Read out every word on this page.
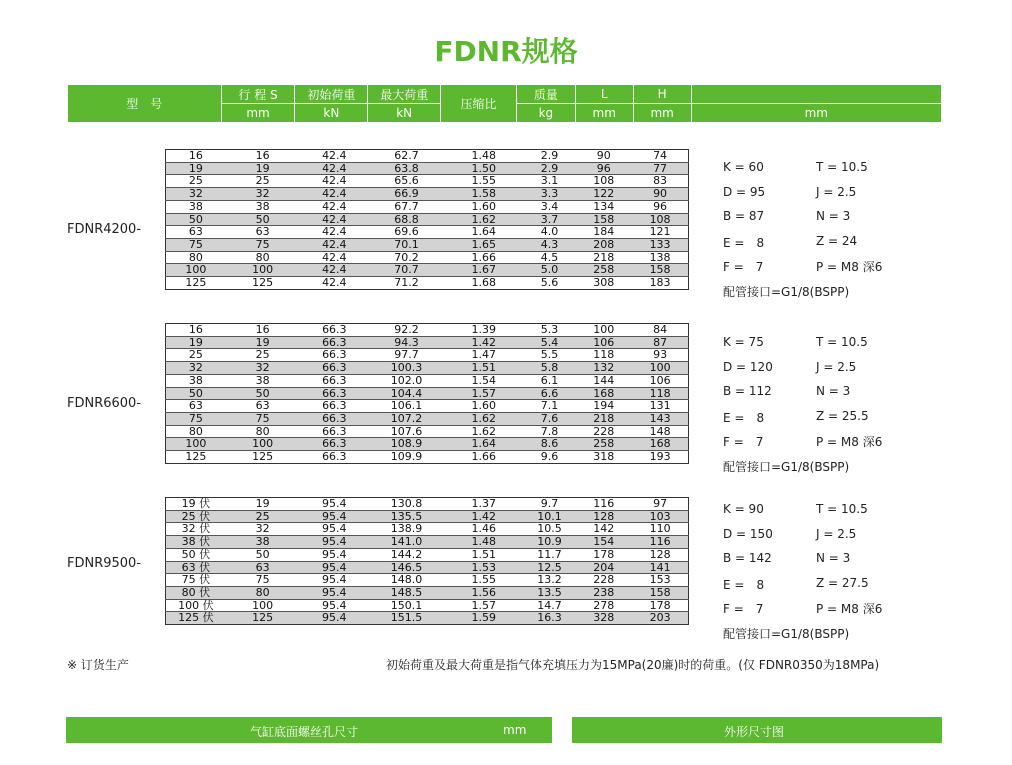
FDNR规格
型　号	行 程 S	初始荷重	最大荷重	压缩比	质量	L	H	
	mm	kN	kN		kg	mm	mm	mm
FDNR4200-
16	16	42.4	62.7	1.48	2.9	90	74
19	19	42.4	63.8	1.50	2.9	96	77
25	25	42.4	65.6	1.55	3.1	108	83
32	32	42.4	66.9	1.58	3.3	122	90
38	38	42.4	67.7	1.60	3.4	134	96
50	50	42.4	68.8	1.62	3.7	158	108
63	63	42.4	69.6	1.64	4.0	184	121
75	75	42.4	70.1	1.65	4.3	208	133
80	80	42.4	70.2	1.66	4.5	218	138
100	100	42.4	70.7	1.67	5.0	258	158
125	125	42.4	71.2	1.68	5.6	308	183
K = 60	T = 10.5
D = 95	J = 2.5
B = 87	N = 3
E =　8	Z = 24
F =　7	P = M8 深6
配管接口=G1/8(BSPP)
FDNR6600-
16	16	66.3	92.2	1.39	5.3	100	84
19	19	66.3	94.3	1.42	5.4	106	87
25	25	66.3	97.7	1.47	5.5	118	93
32	32	66.3	100.3	1.51	5.8	132	100
38	38	66.3	102.0	1.54	6.1	144	106
50	50	66.3	104.4	1.57	6.6	168	118
63	63	66.3	106.1	1.60	7.1	194	131
75	75	66.3	107.2	1.62	7.6	218	143
80	80	66.3	107.6	1.62	7.8	228	148
100	100	66.3	108.9	1.64	8.6	258	168
125	125	66.3	109.9	1.66	9.6	318	193
K = 75	T = 10.5
D = 120	J = 2.5
B = 112	N = 3
E =　8	Z = 25.5
F =　7	P = M8 深6
配管接口=G1/8(BSPP)
FDNR9500-
19 伏	19	95.4	130.8	1.37	9.7	116	97
25 伏	25	95.4	135.5	1.42	10.1	128	103
32 伏	32	95.4	138.9	1.46	10.5	142	110
38 伏	38	95.4	141.0	1.48	10.9	154	116
50 伏	50	95.4	144.2	1.51	11.7	178	128
63 伏	63	95.4	146.5	1.53	12.5	204	141
75 伏	75	95.4	148.0	1.55	13.2	228	153
80 伏	80	95.4	148.5	1.56	13.5	238	158
100 伏	100	95.4	150.1	1.57	14.7	278	178
125 伏	125	95.4	151.5	1.59	16.3	328	203
K = 90	T = 10.5
D = 150	J = 2.5
B = 142	N = 3
E =　8	Z = 27.5
F =　7	P = M8 深6
配管接口=G1/8(BSPP)
※ 订货生产	初始荷重及最大荷重是指气体充填压力为15MPa(20廉)时的荷重。(仅 FDNR0350为18MPa)
气缸底面螺丝孔尺寸	mm	外形尺寸图
